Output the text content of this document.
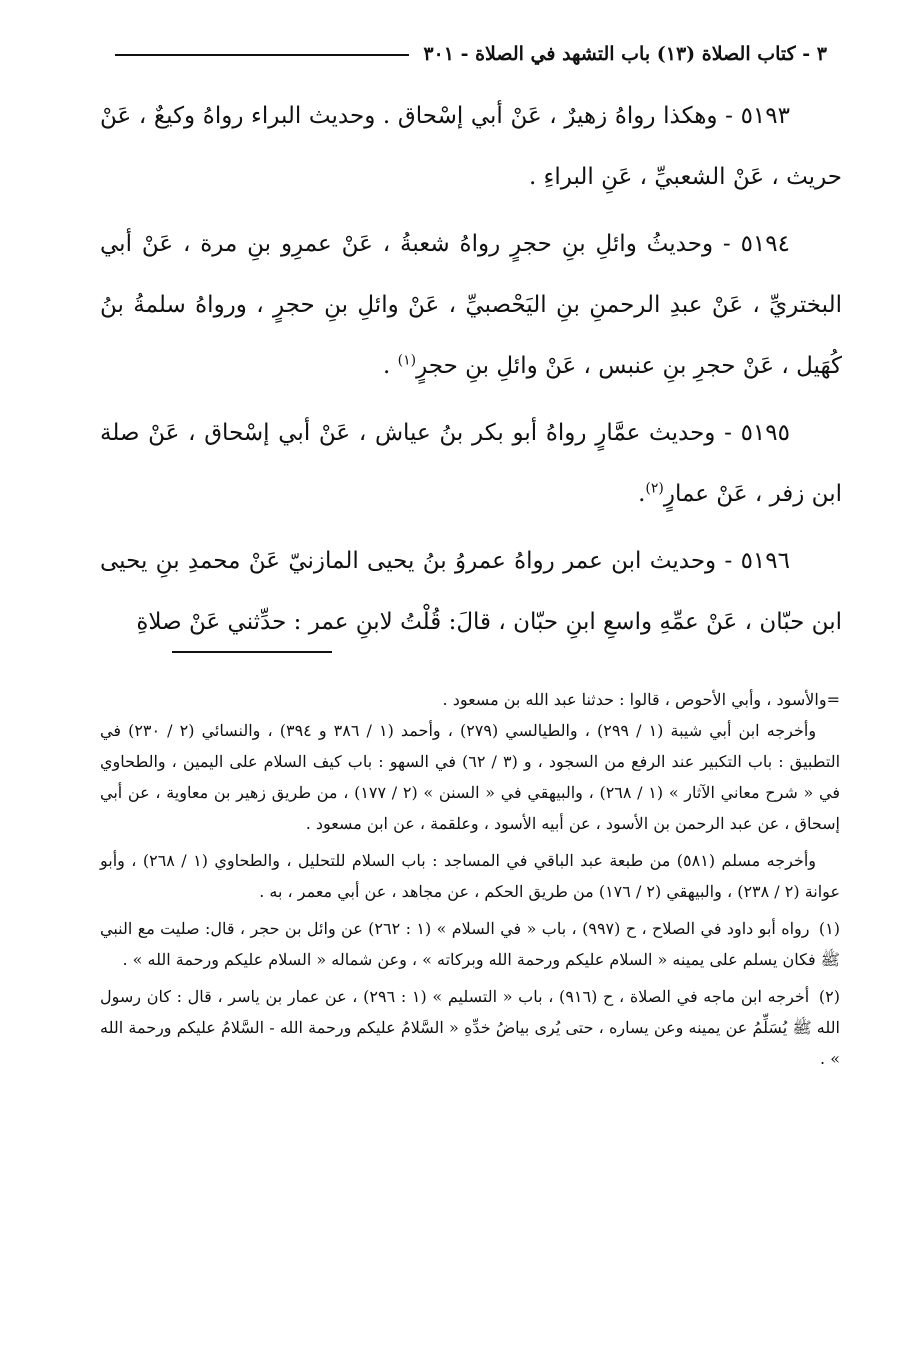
٣ - كتاب الصلاة (١٣) باب التشهد في الصلاة - ٣٠١

٥١٩٣ - وهكذا رواهُ زهيرٌ ، عَنْ أبي إسْحاق . وحديث البراء رواهُ وكيعٌ ، عَنْ حريث ، عَنْ الشعبيِّ ، عَنِ البراءِ .

٥١٩٤ - وحديثُ وائلِ بنِ حجرٍ رواهُ شعبةُ ، عَنْ عمرِو بنِ مرة ، عَنْ أبي البختريِّ ، عَنْ عبدِ الرحمنِ بنِ اليَحْصبيِّ ، عَنْ وائلِ بنِ حجرٍ ، ورواهُ سلمةُ بنُ كُهَيل ، عَنْ حجرِ بنِ عنبس ، عَنْ وائلِ بنِ حجرٍ$^{(١)}$ .

٥١٩٥ - وحديث عمَّارٍ رواهُ أبو بكر بنُ عياش ، عَنْ أبي إسْحاق ، عَنْ صلة ابن زفر ، عَنْ عمارٍ$^{(٢)}$.

٥١٩٦ - وحديث ابن عمر رواهُ عمروُ بنُ يحيى المازنيّ عَنْ محمدِ بنِ يحيى ابن حبّان ، عَنْ عمِّهِ واسعِ ابنِ حبّان ، قالَ: قُلْتُ لابنِ عمر : حدِّثني عَنْ صلاةِ

=والأسود ، وأبي الأحوص ، قالوا : حدثنا عبد الله بن مسعود .

وأخرجه ابن أبي شيبة (١ / ٢٩٩) ، والطيالسي (٢٧٩) ، وأحمد (١ / ٣٨٦ و ٣٩٤) ، والنسائي (٢ / ٢٣٠) في التطبيق : باب التكبير عند الرفع من السجود ، و (٣ / ٦٢) في السهو : باب كيف السلام على اليمين ، والطحاوي في « شرح معاني الآثار » (١ / ٢٦٨) ، والبيهقي في « السنن » (٢ / ١٧٧) ، من طريق زهير بن معاوية ، عن أبي إسحاق ، عن عبد الرحمن بن الأسود ، عن أبيه الأسود ، وعلقمة ، عن ابن مسعود .

وأخرجه مسلم (٥٨١) من طبعة عبد الباقي في المساجد : باب السلام للتحليل ، والطحاوي (١ / ٢٦٨) ، وأبو عوانة (٢ / ٢٣٨) ، والبيهقي (٢ / ١٧٦) من طريق الحكم ، عن مجاهد ، عن أبي معمر ، به .

(١) رواه أبو داود في الصلاح ، ح (٩٩٧) ، باب « في السلام » (١ : ٢٦٢) عن وائل بن حجر ، قال: صليت مع النبي ﷺ فكان يسلم على يمينه « السلام عليكم ورحمة الله وبركاته » ، وعن شماله « السلام عليكم ورحمة الله » .

(٢) أخرجه ابن ماجه في الصلاة ، ح (٩١٦) ، باب « التسليم » (١ : ٢٩٦) ، عن عمار بن ياسر ، قال : كان رسول الله ﷺ يُسَلِّمُ عن يمينه وعن يساره ، حتى يُرى بياضُ خدِّهِ « السَّلامُ عليكم ورحمة الله - السَّلامُ عليكم ورحمة الله » .
